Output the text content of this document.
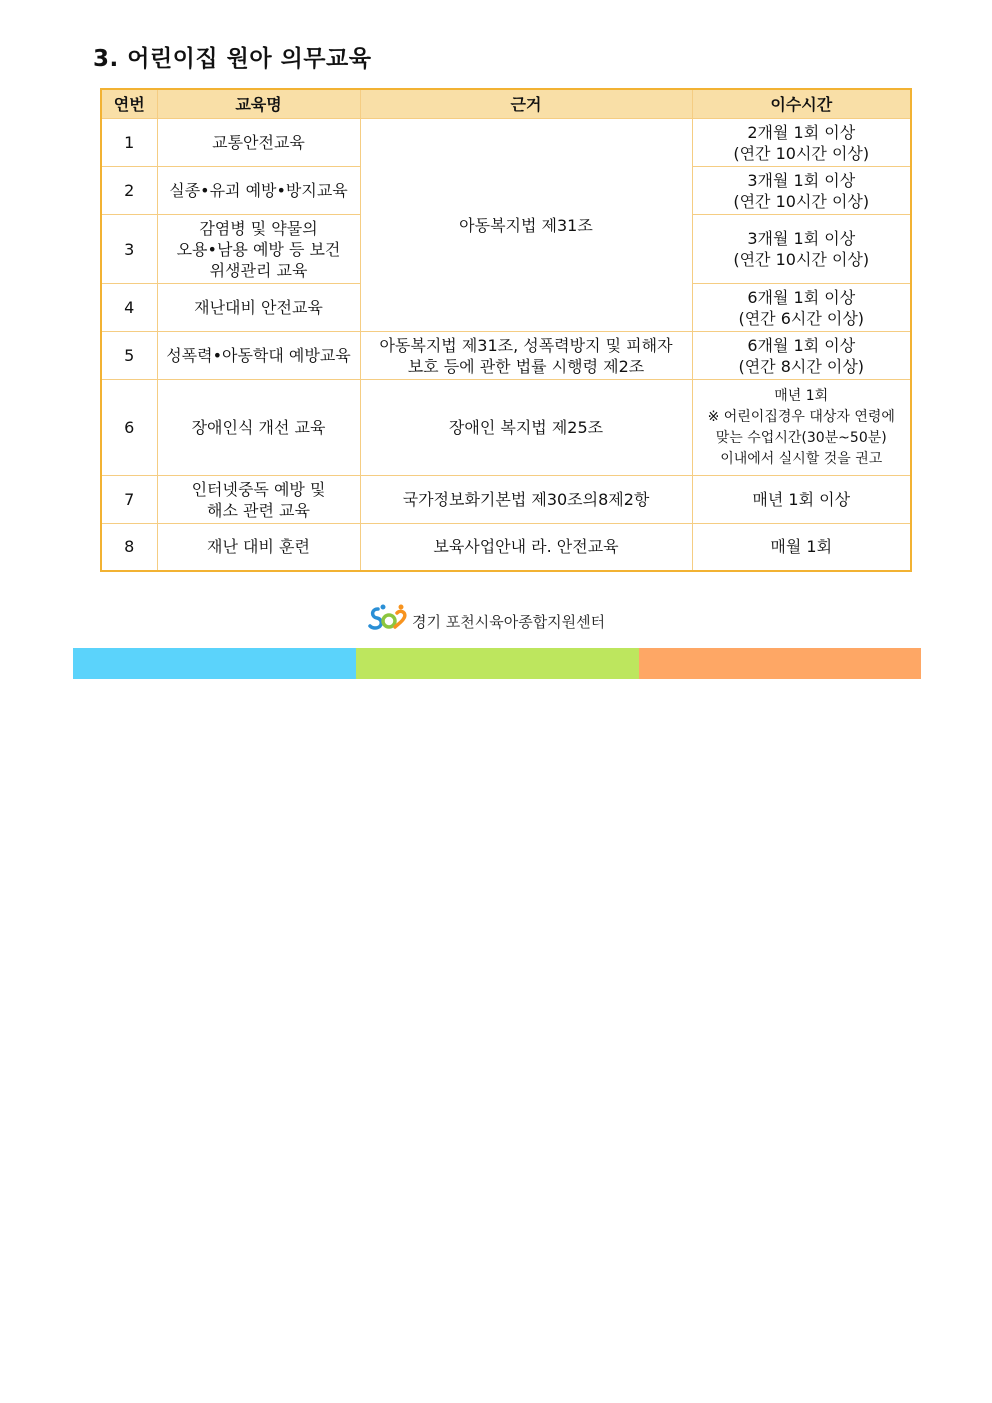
3. 어린이집 원아 의무교육
연번	교육명	근거	이수시간
1	교통안전교육	아동복지법 제31조	2개월 1회 이상
(연간 10시간 이상)

2	실종•유괴 예방•방지교육		3개월 1회 이상
(연간 10시간 이상)

3	감염병 및 약물의
오용•남용 예방 등 보건
위생관리 교육		3개월 1회 이상
(연간 10시간 이상)

4	재난대비 안전교육		6개월 1회 이상
(연간 6시간 이상)

5	성폭력•아동학대 예방교육	아동복지법 제31조, 성폭력방지 및 피해자
보호 등에 관한 법률 시행령 제2조	6개월 1회 이상
(연간 8시간 이상)

6	장애인식 개선 교육	장애인 복지법 제25조	매년 1회
※ 어린이집경우 대상자 연령에
맞는 수업시간(30분~50분)
이내에서 실시할 것을 권고

7	인터넷중독 예방 및
해소 관련 교육	국가정보화기본법 제30조의8제2항	매년 1회 이상

8	재난 대비 훈련	보육사업안내 라. 안전교육	매월 1회
경기 포천시육아종합지원센터
